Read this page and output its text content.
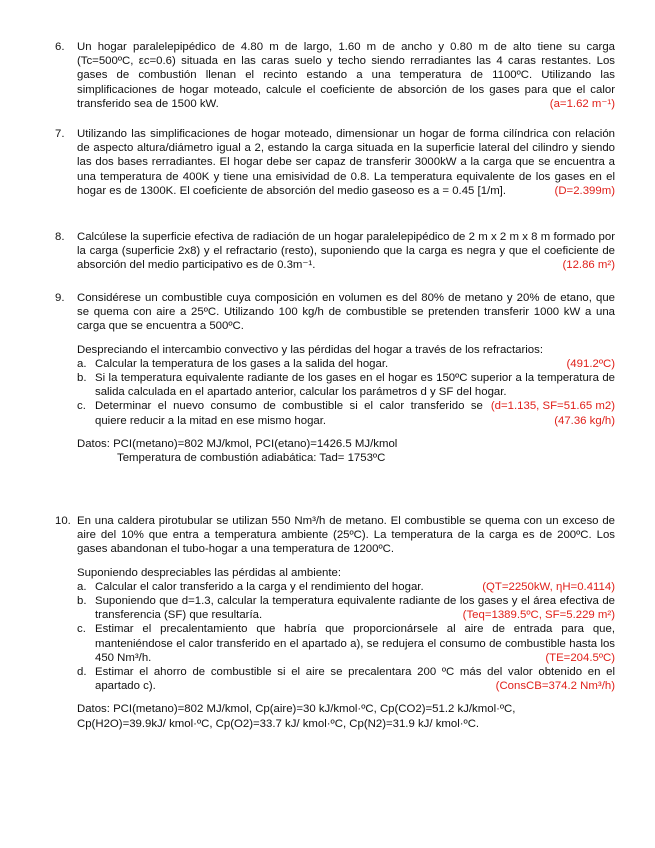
6. Un hogar paralelepipédico de 4.80 m de largo, 1.60 m de ancho y 0.80 m de alto tiene su carga (Tc=500ºC, εc=0.6) situada en las caras suelo y techo siendo rerradiantes las 4 caras restantes. Los gases de combustión llenan el recinto estando a una temperatura de 1100ºC. Utilizando las simplificaciones de hogar moteado, calcule el coeficiente de absorción de los gases para que el calor transferido sea de 1500 kW.	(a=1.62 m⁻¹)
7. Utilizando las simplificaciones de hogar moteado, dimensionar un hogar de forma cilíndrica con relación de aspecto altura/diámetro igual a 2, estando la carga situada en la superficie lateral del cilindro y siendo las dos bases rerradiantes. El hogar debe ser capaz de transferir 3000kW a la carga que se encuentra a una temperatura de 400K y tiene una emisividad de 0.8. La temperatura equivalente de los gases en el hogar es de 1300K. El coeficiente de absorción del medio gaseoso es a = 0.45 [1/m].	(D=2.399m)
8. Calcúlese la superficie efectiva de radiación de un hogar paralelepipédico de 2 m x 2 m x 8 m formado por la carga (superficie 2x8) y el refractario (resto), suponiendo que la carga es negra y que el coeficiente de absorción del medio participativo es de 0.3m⁻¹.	(12.86 m²)
9. Considérese un combustible cuya composición en volumen es del 80% de metano y 20% de etano, que se quema con aire a 25ºC. Utilizando 100 kg/h de combustible se pretenden transferir 1000 kW a una carga que se encuentra a 500ºC.
Despreciando el intercambio convectivo y las pérdidas del hogar a través de los refractarios:
a. Calcular la temperatura de los gases a la salida del hogar.	(491.2ºC)
b. Si la temperatura equivalente radiante de los gases en el hogar es 150ºC superior a la temperatura de salida calculada en el apartado anterior, calcular los parámetros d y SF del hogar.
(d=1.135, SF=51.65 m2)
c. Determinar el nuevo consumo de combustible si el calor transferido se quiere reducir a la mitad en ese mismo hogar.	(47.36 kg/h)
Datos: PCI(metano)=802 MJ/kmol, PCI(etano)=1426.5 MJ/kmol
Temperatura de combustión adiabática: Tad= 1753ºC
10. En una caldera pirotubular se utilizan 550 Nm³/h de metano. El combustible se quema con un exceso de aire del 10% que entra a temperatura ambiente (25ºC). La temperatura de la carga es de 200ºC. Los gases abandonan el tubo-hogar a una temperatura de 1200ºC.
Suponiendo despreciables las pérdidas al ambiente:
a. Calcular el calor transferido a la carga y el rendimiento del hogar.	(QT=2250kW, ηH=0.4114)
b. Suponiendo que d=1.3, calcular la temperatura equivalente radiante de los gases y el área efectiva de transferencia (SF) que resultaría.	(Teq=1389.5ºC, SF=5.229 m²)
c. Estimar el precalentamiento que habría que proporcionársele al aire de entrada para que, manteniéndose el calor transferido en el apartado a), se redujera el consumo de combustible hasta los 450 Nm³/h.	(TE=204.5ºC)
d. Estimar el ahorro de combustible si el aire se precalentara 200 ºC más del valor obtenido en el apartado c).	(ConsCB=374.2 Nm³/h)
Datos: PCI(metano)=802 MJ/kmol, Cp(aire)=30 kJ/kmol·ºC, Cp(CO2)=51.2 kJ/kmol·ºC,
Cp(H2O)=39.9kJ/ kmol·ºC, Cp(O2)=33.7 kJ/ kmol·ºC, Cp(N2)=31.9 kJ/ kmol·ºC.
